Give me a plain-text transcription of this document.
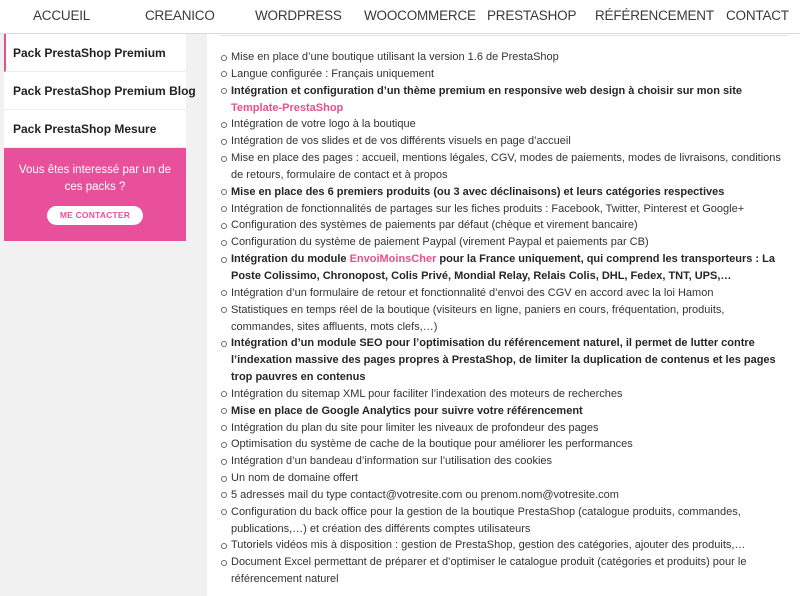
ACCUEIL	CREANICO	WORDPRESS WOOCOMMERCE PRESTASHOP RÉFÉRENCEMENT CONTACT
Pack PrestaShop Premium
Pack PrestaShop Premium Blog
Pack PrestaShop Mesure
Vous êtes interessé par un de ces packs ?
ME CONTACTER
Mise en place d’une boutique utilisant la version 1.6 de PrestaShop
Langue configurée : Français uniquement
Intégration et configuration d’un thème premium en responsive web design à choisir sur mon site Template-PrestaShop
Intégration de votre logo à la boutique
Intégration de vos slides et de vos différents visuels en page d’accueil
Mise en place des pages : accueil, mentions légales, CGV, modes de paiements, modes de livraisons, conditions de retours, formulaire de contact et à propos
Mise en place des 6 premiers produits (ou 3 avec déclinaisons) et leurs catégories respectives
Intégration de fonctionnalités de partages sur les fiches produits : Facebook, Twitter, Pinterest et Google+
Configuration des systèmes de paiements par défaut (chèque et virement bancaire)
Configuration du système de paiement Paypal (virement Paypal et paiements par CB)
Intégration du module EnvoiMoinsCher pour la France uniquement, qui comprend les transporteurs : La Poste Colissimo, Chronopost, Colis Privé, Mondial Relay, Relais Colis, DHL, Fedex, TNT, UPS,…
Intégration d’un formulaire de retour et fonctionnalité d’envoi des CGV en accord avec la loi Hamon
Statistiques en temps réel de la boutique (visiteurs en ligne, paniers en cours, fréquentation, produits, commandes, sites affluents, mots clefs,…)
Intégration d’un module SEO pour l’optimisation du référencement naturel, il permet de lutter contre l’indexation massive des pages propres à PrestaShop, de limiter la duplication de contenus et les pages trop pauvres en contenus
Intégration du sitemap XML pour faciliter l’indexation des moteurs de recherches
Mise en place de Google Analytics pour suivre votre référencement
Intégration du plan du site pour limiter les niveaux de profondeur des pages
Optimisation du système de cache de la boutique pour améliorer les performances
Intégration d’un bandeau d’information sur l’utilisation des cookies
Un nom de domaine offert
5 adresses mail du type contact@votresite.com ou prenom.nom@votresite.com
Configuration du back office pour la gestion de la boutique PrestaShop (catalogue produits, commandes, publications,…) et création des différents comptes utilisateurs
Tutoriels vidéos mis à disposition : gestion de PrestaShop, gestion des catégories, ajouter des produits,…
Document Excel permettant de préparer et d’optimiser le catalogue produit (catégories et produits) pour le référencement naturel
